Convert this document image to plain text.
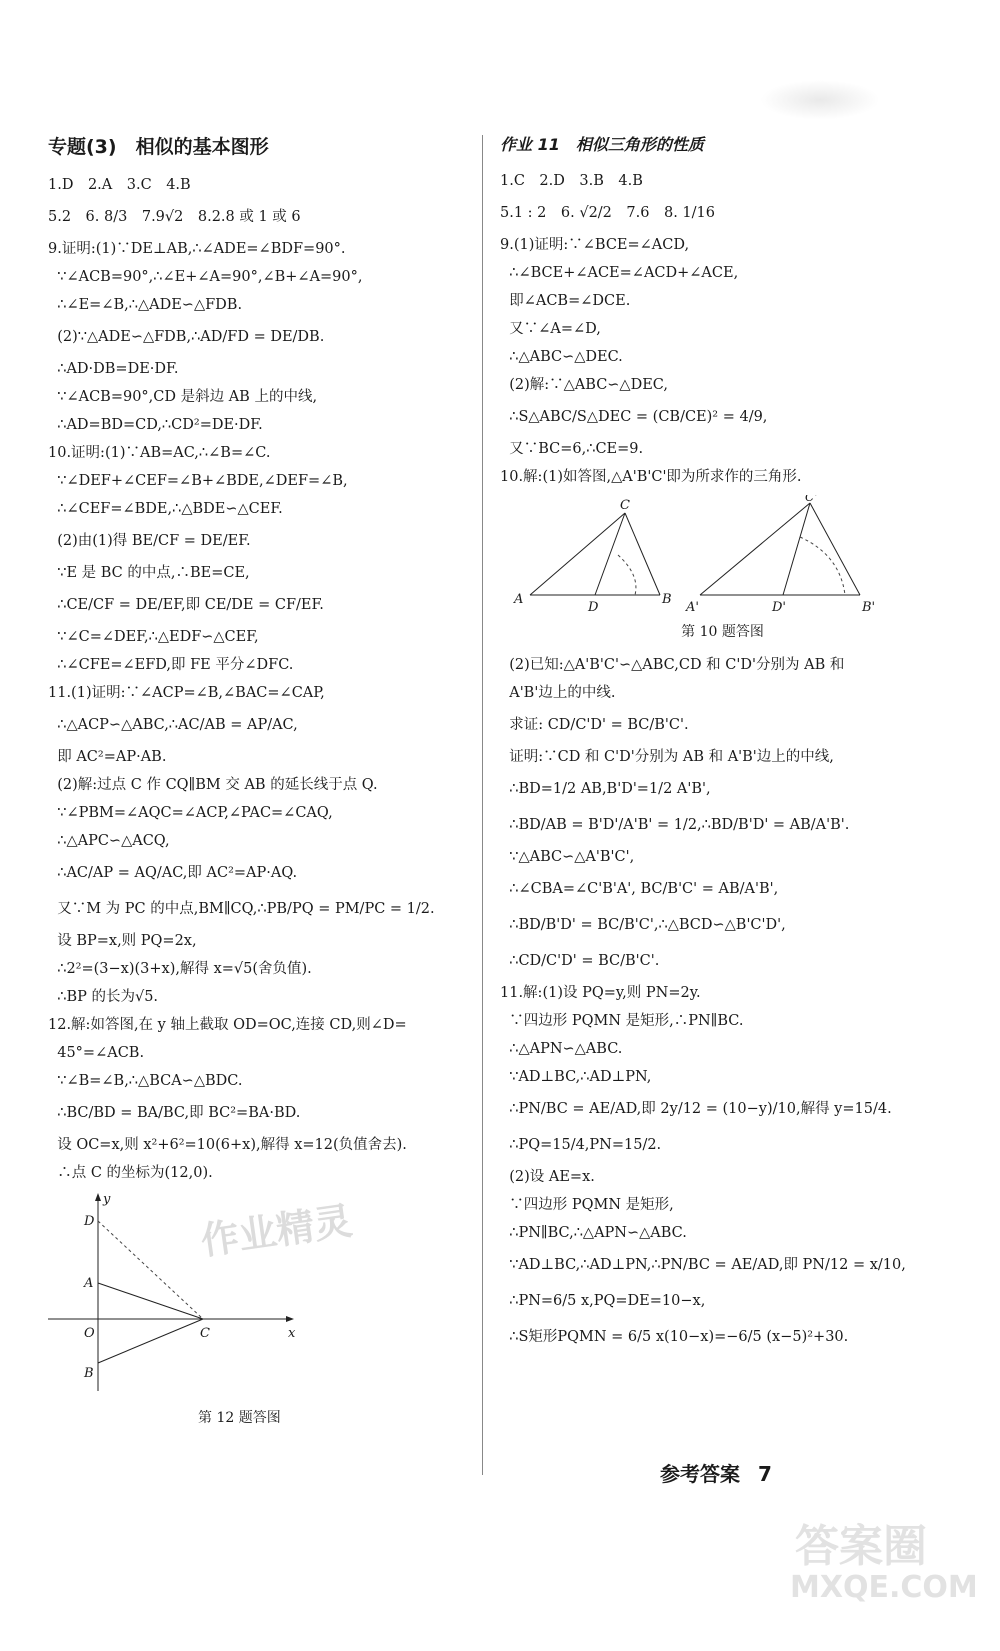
专题(3)　相似的基本图形
1.D　2.A　3.C　4.B
5.2　6. 8/3　7.9√2　8.2.8 或 1 或 6
9.证明:(1)∵DE⊥AB,∴∠ADE=∠BDF=90°.
∵∠ACB=90°,∴∠E+∠A=90°,∠B+∠A=90°,
∴∠E=∠B,∴△ADE∽△FDB.
(2)∵△ADE∽△FDB,∴AD/FD = DE/DB.
∴AD·DB=DE·DF.
∵∠ACB=90°,CD 是斜边 AB 上的中线,
∴AD=BD=CD,∴CD²=DE·DF.
10.证明:(1)∵AB=AC,∴∠B=∠C.
∵∠DEF+∠CEF=∠B+∠BDE,∠DEF=∠B,
∴∠CEF=∠BDE,∴△BDE∽△CEF.
(2)由(1)得 BE/CF = DE/EF.
∵E 是 BC 的中点,∴BE=CE,
∴CE/CF = DE/EF,即 CE/DE = CF/EF.
∵∠C=∠DEF,∴△EDF∽△CEF,
∴∠CFE=∠EFD,即 FE 平分∠DFC.
11.(1)证明:∵∠ACP=∠B,∠BAC=∠CAP,
∴△ACP∽△ABC,∴AC/AB = AP/AC,
即 AC²=AP·AB.
(2)解:过点 C 作 CQ∥BM 交 AB 的延长线于点 Q.
∵∠PBM=∠AQC=∠ACP,∠PAC=∠CAQ,
∴△APC∽△ACQ,
∴AC/AP = AQ/AC,即 AC²=AP·AQ.
又∵M 为 PC 的中点,BM∥CQ,∴PB/PQ = PM/PC = 1/2.
设 BP=x,则 PQ=2x,
∴2²=(3−x)(3+x),解得 x=√5(舍负值).
∴BP 的长为√5.
12.解:如答图,在 y 轴上截取 OD=OC,连接 CD,则∠D=
45°=∠ACB.
∵∠B=∠B,∴△BCA∽△BDC.
∴BC/BD = BA/BC,即 BC²=BA·BD.
设 OC=x,则 x²+6²=10(6+x),解得 x=12(负值舍去).
∴点 C 的坐标为(12,0).
y
D
A
O	C
B
x
第 12 题答图
作业 11　相似三角形的性质
1.C　2.D　3.B　4.B
5.1 : 2　6. √2/2　7.6　8. 1/16
9.(1)证明:∵∠BCE=∠ACD,
∴∠BCE+∠ACE=∠ACD+∠ACE,
即∠ACB=∠DCE.
又∵∠A=∠D,
∴△ABC∽△DEC.
(2)解:∵△ABC∽△DEC,
∴S△ABC/S△DEC = (CB/CE)² = 4/9,
又∵BC=6,∴CE=9.
10.解:(1)如答图,△A'B'C'即为所求作的三角形.
C
A
D
B
C'
A'	D'	B'
第 10 题答图
(2)已知:△A'B'C'∽△ABC,CD 和 C'D'分别为 AB 和
A'B'边上的中线.
求证: CD/C'D' = BC/B'C'.
证明:∵CD 和 C'D'分别为 AB 和 A'B'边上的中线,
∴BD=1/2 AB,B'D'=1/2 A'B',
∴BD/AB = B'D'/A'B' = 1/2,∴BD/B'D' = AB/A'B'.
∵△ABC∽△A'B'C',
∴∠CBA=∠C'B'A', BC/B'C' = AB/A'B',
∴BD/B'D' = BC/B'C',∴△BCD∽△B'C'D',
∴CD/C'D' = BC/B'C'.
11.解:(1)设 PQ=y,则 PN=2y.
∵四边形 PQMN 是矩形,∴PN∥BC.
∴△APN∽△ABC.
∵AD⊥BC,∴AD⊥PN,
∴PN/BC = AE/AD,即 2y/12 = (10−y)/10,解得 y=15/4.
∴PQ=15/4,PN=15/2.
(2)设 AE=x.
∵四边形 PQMN 是矩形,
∴PN∥BC,∴△APN∽△ABC.
∵AD⊥BC,∴AD⊥PN,∴PN/BC = AE/AD,即 PN/12 = x/10,
∴PN=6/5 x,PQ=DE=10−x,
∴S矩形PQMN = 6/5 x(10−x)=−6/5 (x−5)²+30.
参考答案 7
作业精灵
答案圈
MXQE.COM
